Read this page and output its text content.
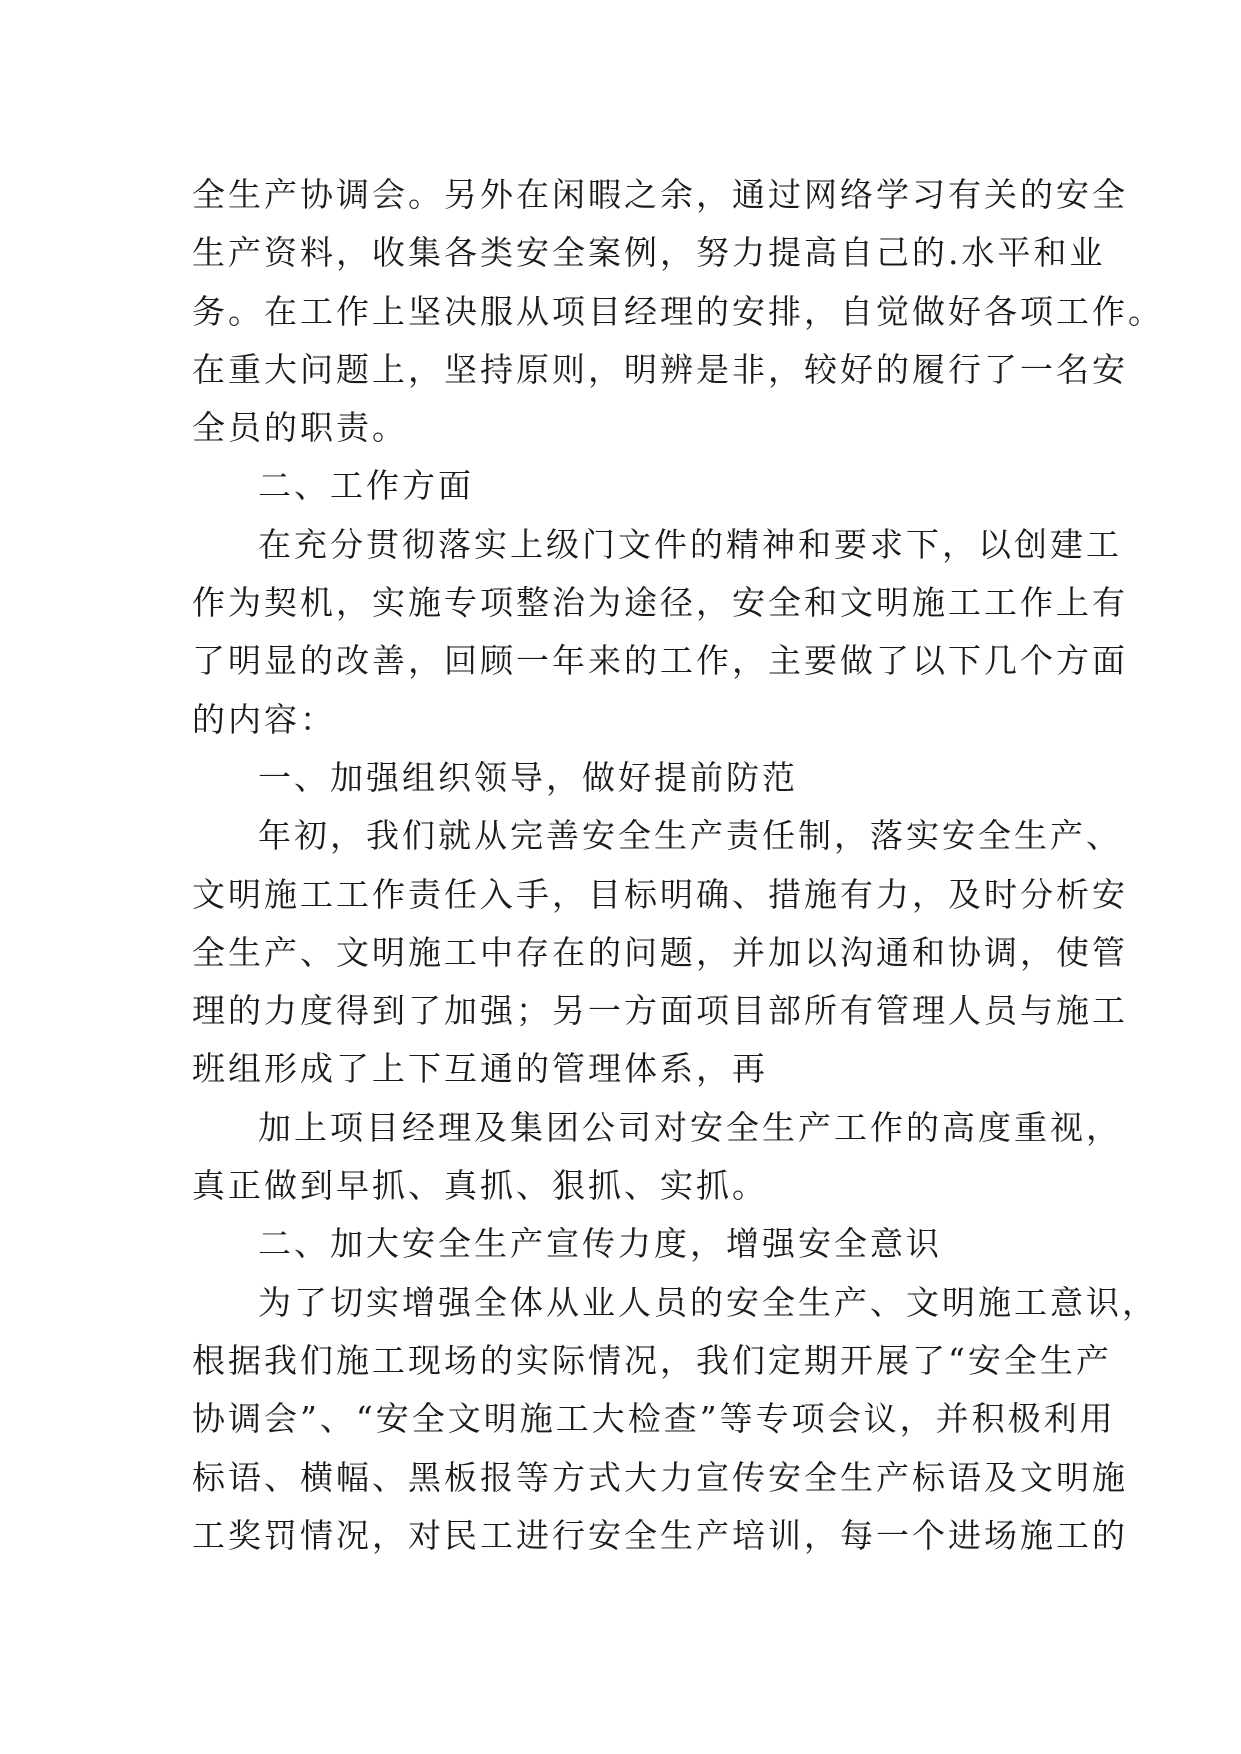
全生产协调会。另外在闲暇之余，通过网络学习有关的安全
生产资料，收集各类安全案例，努力提高自己的.水平和业
务。在工作上坚决服从项目经理的安排，自觉做好各项工作。
在重大问题上，坚持原则，明辨是非，较好的履行了一名安
全员的职责。
二、工作方面
在充分贯彻落实上级门文件的精神和要求下，以创建工
作为契机，实施专项整治为途径，安全和文明施工工作上有
了明显的改善，回顾一年来的工作，主要做了以下几个方面
的内容：
一、加强组织领导，做好提前防范
年初，我们就从完善安全生产责任制，落实安全生产、
文明施工工作责任入手，目标明确、措施有力，及时分析安
全生产、文明施工中存在的问题，并加以沟通和协调，使管
理的力度得到了加强；另一方面项目部所有管理人员与施工
班组形成了上下互通的管理体系，再
加上项目经理及集团公司对安全生产工作的高度重视，
真正做到早抓、真抓、狠抓、实抓。
二、加大安全生产宣传力度，增强安全意识
为了切实增强全体从业人员的安全生产、文明施工意识，
根据我们施工现场的实际情况，我们定期开展了“安全生产
协调会”、“安全文明施工大检查”等专项会议，并积极利用
标语、横幅、黑板报等方式大力宣传安全生产标语及文明施
工奖罚情况，对民工进行安全生产培训，每一个进场施工的
